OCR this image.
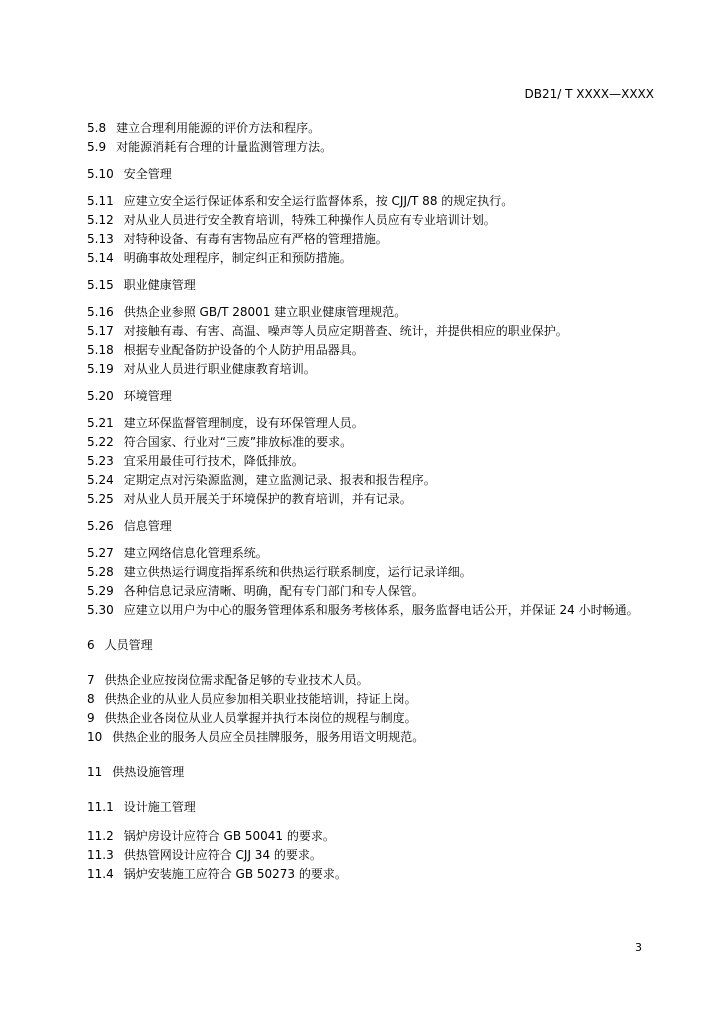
DB21/ T XXXX—XXXX
5.8 建立合理利用能源的评价方法和程序。
5.9 对能源消耗有合理的计量监测管理方法。
5.10 安全管理
5.11 应建立安全运行保证体系和安全运行监督体系，按 CJJ/T 88 的规定执行。
5.12 对从业人员进行安全教育培训，特殊工种操作人员应有专业培训计划。
5.13 对特种设备、有毒有害物品应有严格的管理措施。
5.14 明确事故处理程序，制定纠正和预防措施。
5.15 职业健康管理
5.16 供热企业参照 GB/T 28001 建立职业健康管理规范。
5.17 对接触有毒、有害、高温、噪声等人员应定期普查、统计，并提供相应的职业保护。
5.18 根据专业配备防护设备的个人防护用品器具。
5.19 对从业人员进行职业健康教育培训。
5.20 环境管理
5.21 建立环保监督管理制度，设有环保管理人员。
5.22 符合国家、行业对“三废”排放标准的要求。
5.23 宜采用最佳可行技术，降低排放。
5.24 定期定点对污染源监测，建立监测记录、报表和报告程序。
5.25 对从业人员开展关于环境保护的教育培训，并有记录。
5.26 信息管理
5.27 建立网络信息化管理系统。
5.28 建立供热运行调度指挥系统和供热运行联系制度，运行记录详细。
5.29 各种信息记录应清晰、明确，配有专门部门和专人保管。
5.30 应建立以用户为中心的服务管理体系和服务考核体系，服务监督电话公开，并保证 24 小时畅通。
6 人员管理
7 供热企业应按岗位需求配备足够的专业技术人员。
8 供热企业的从业人员应参加相关职业技能培训，持证上岗。
9 供热企业各岗位从业人员掌握并执行本岗位的规程与制度。
10 供热企业的服务人员应全员挂牌服务，服务用语文明规范。
11 供热设施管理
11.1 设计施工管理
11.2 锅炉房设计应符合 GB 50041 的要求。
11.3 供热管网设计应符合 CJJ 34 的要求。
11.4 锅炉安装施工应符合 GB 50273 的要求。
3
